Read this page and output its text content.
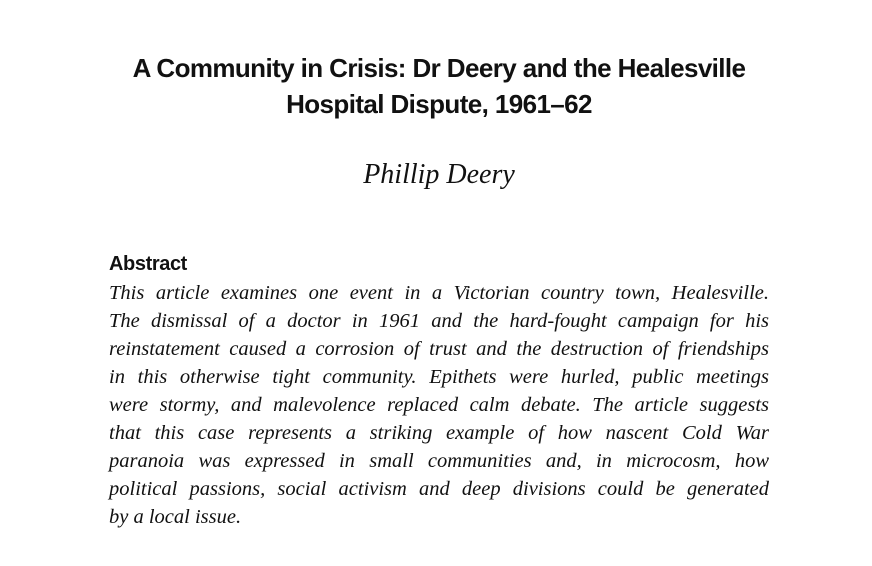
A Community in Crisis: Dr Deery and the Healesville
Hospital Dispute, 1961–62

Phillip Deery

Abstract

This article examines one event in a Victorian country town, Healesville.
The dismissal of a doctor in 1961 and the hard-fought campaign for his
reinstatement caused a corrosion of trust and the destruction of friendships
in this otherwise tight community. Epithets were hurled, public meetings
were stormy, and malevolence replaced calm debate. The article suggests
that this case represents a striking example of how nascent Cold War
paranoia was expressed in small communities and, in microcosm, how
political passions, social activism and deep divisions could be generated
by a local issue.
